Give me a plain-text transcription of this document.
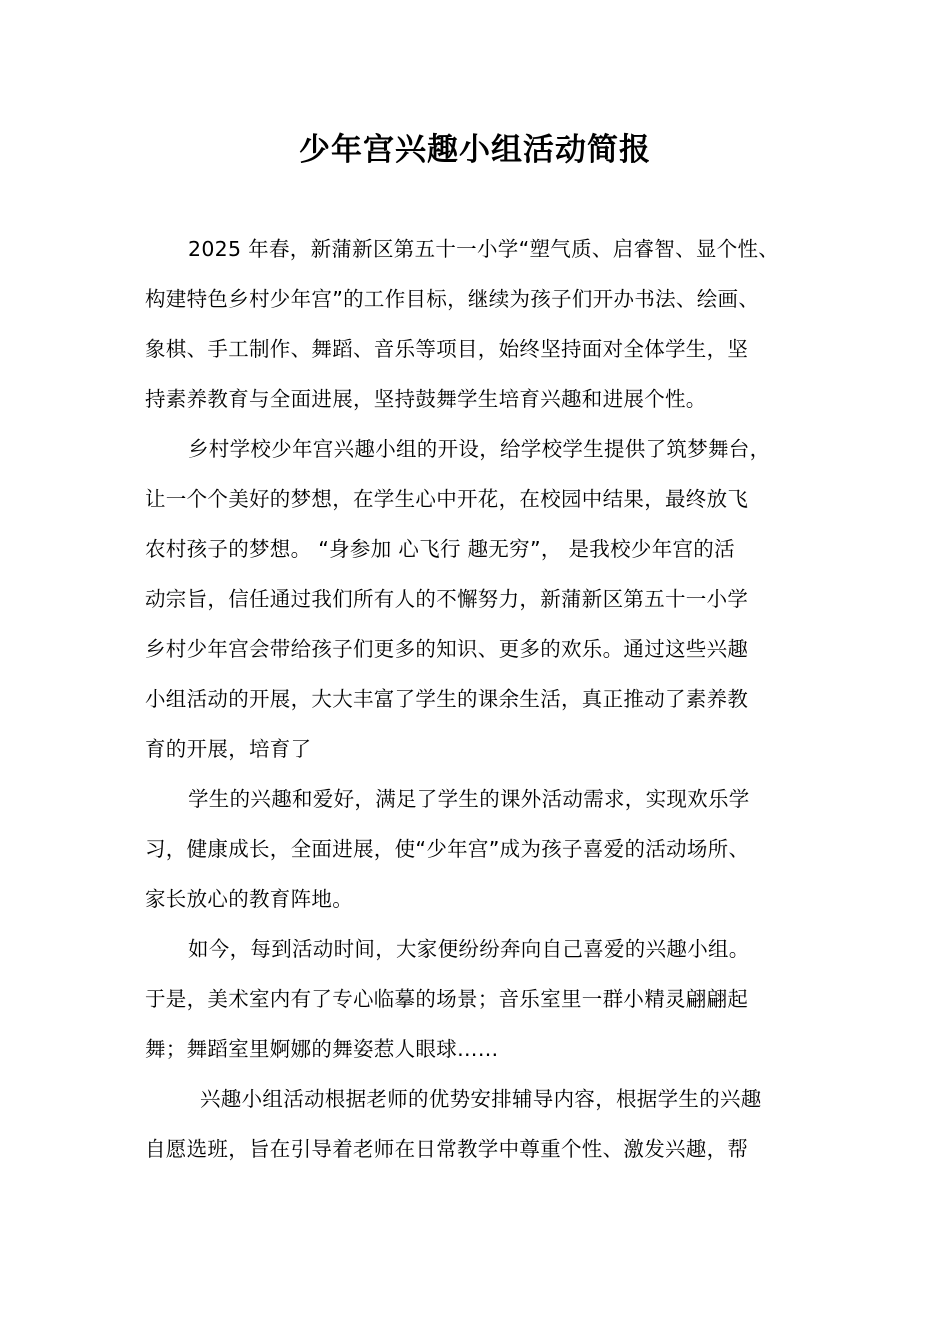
少年宫兴趣小组活动简报
2025 年春，新蒲新区第五十一小学“塑气质、启睿智、显个性、
构建特色乡村少年宫”的工作目标，继续为孩子们开办书法、绘画、
象棋、手工制作、舞蹈、音乐等项目，始终坚持面对全体学生，坚
持素养教育与全面进展，坚持鼓舞学生培育兴趣和进展个性。
乡村学校少年宫兴趣小组的开设，给学校学生提供了筑梦舞台，
让一个个美好的梦想，在学生心中开花，在校园中结果，最终放飞
农村孩子的梦想。 “身参加 心飞行 趣无穷”， 是我校少年宫的活
动宗旨，信任通过我们所有人的不懈努力，新蒲新区第五十一小学
乡村少年宫会带给孩子们更多的知识、更多的欢乐。通过这些兴趣
小组活动的开展，大大丰富了学生的课余生活，真正推动了素养教
育的开展，培育了
学生的兴趣和爱好，满足了学生的课外活动需求，实现欢乐学
习，健康成长，全面进展，使“少年宫”成为孩子喜爱的活动场所、
家长放心的教育阵地。
如今，每到活动时间，大家便纷纷奔向自己喜爱的兴趣小组。
于是，美术室内有了专心临摹的场景；音乐室里一群小精灵翩翩起
舞；舞蹈室里婀娜的舞姿惹人眼球……
兴趣小组活动根据老师的优势安排辅导内容，根据学生的兴趣
自愿选班，旨在引导着老师在日常教学中尊重个性、激发兴趣，帮
